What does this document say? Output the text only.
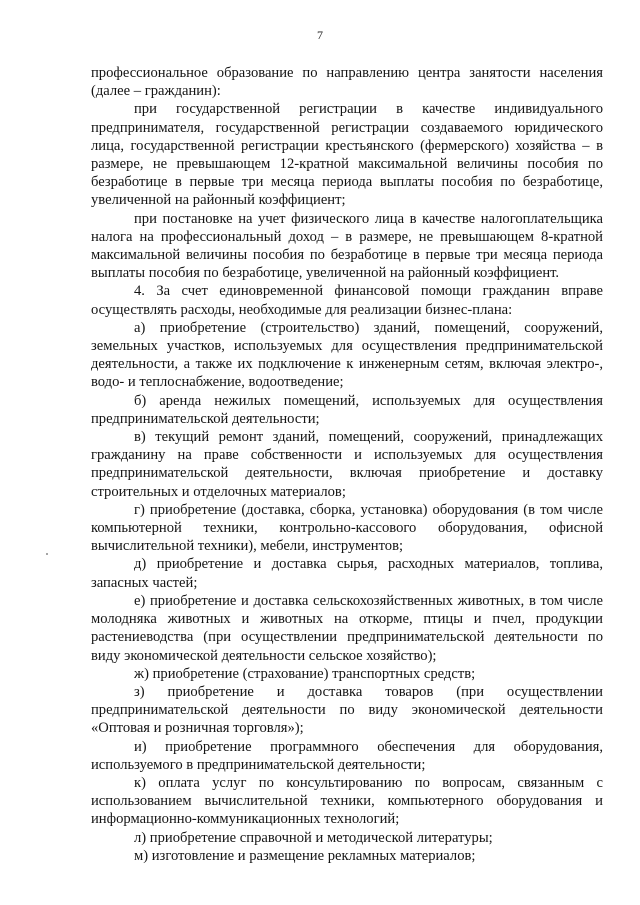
7

профессиональное образование по направлению центра занятости населения (далее – гражданин):

при государственной регистрации в качестве индивидуального предпринимателя, государственной регистрации создаваемого юридического лица, государственной регистрации крестьянского (фермерского) хозяйства – в размере, не превышающем 12-кратной максимальной величины пособия по безработице в первые три месяца периода выплаты пособия по безработице, увеличенной на районный коэффициент;

при постановке на учет физического лица в качестве налогоплательщика налога на профессиональный доход – в размере, не превышающем 8-кратной максимальной величины пособия по безработице в первые три месяца периода выплаты пособия по безработице, увеличенной на районный коэффициент.

4. За счет единовременной финансовой помощи гражданин вправе осуществлять расходы, необходимые для реализации бизнес-плана:

а) приобретение (строительство) зданий, помещений, сооружений, земельных участков, используемых для осуществления предпринимательской деятельности, а также их подключение к инженерным сетям, включая электро-, водо- и теплоснабжение, водоотведение;

б) аренда нежилых помещений, используемых для осуществления предпринимательской деятельности;

в) текущий ремонт зданий, помещений, сооружений, принадлежащих гражданину на праве собственности и используемых для осуществления предпринимательской деятельности, включая приобретение и доставку строительных и отделочных материалов;

г) приобретение (доставка, сборка, установка) оборудования (в том числе компьютерной техники, контрольно-кассового оборудования, офисной вычислительной техники), мебели, инструментов;

д) приобретение и доставка сырья, расходных материалов, топлива, запасных частей;

е) приобретение и доставка сельскохозяйственных животных, в том числе молодняка животных и животных на откорме, птицы и пчел, продукции растениеводства (при осуществлении предпринимательской деятельности по виду экономической деятельности сельское хозяйство);

ж) приобретение (страхование) транспортных средств;

з) приобретение и доставка товаров (при осуществлении предпринимательской деятельности по виду экономической деятельности «Оптовая и розничная торговля»);

и) приобретение программного обеспечения для оборудования, используемого в предпринимательской деятельности;

к) оплата услуг по консультированию по вопросам, связанным с использованием вычислительной техники, компьютерного оборудования и информационно-коммуникационных технологий;

л) приобретение справочной и методической литературы;

м) изготовление и размещение рекламных материалов;
